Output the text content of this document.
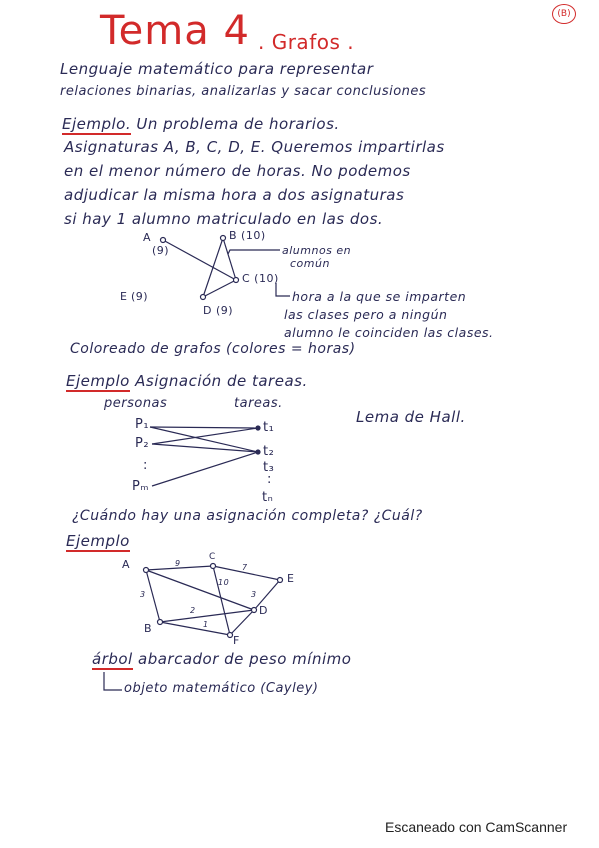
(B)
Tema 4 . Grafos .
Lenguaje matemático para representar
relaciones binarias, analizarlas y sacar conclusiones
Ejemplo. Un problema de horarios.
Asignaturas A, B, C, D, E. Queremos impartirlas
en el menor número de horas. No podemos
adjudicar la misma hora a dos asignaturas
si hay 1 alumno matriculado en las dos.
A
(9)
B (10)
C (10)
D (9)
E (9)
alumnos en
común
hora a la que se imparten
las clases pero a ningún
alumno le coinciden las clases.
Coloreado de grafos (colores = horas)
Ejemplo Asignación de tareas.
personas	tareas.
Lema de Hall.
P₁
P₂
:
Pₘ
t₁
t₂
t₃
:
tₙ
¿Cuándo hay una asignación completa? ¿Cuál?
Ejemplo
A
C
E
B
D
F
9	7
3
10
3
2
1
árbol abarcador de peso mínimo
objeto matemático (Cayley)
Escaneado con CamScanner
